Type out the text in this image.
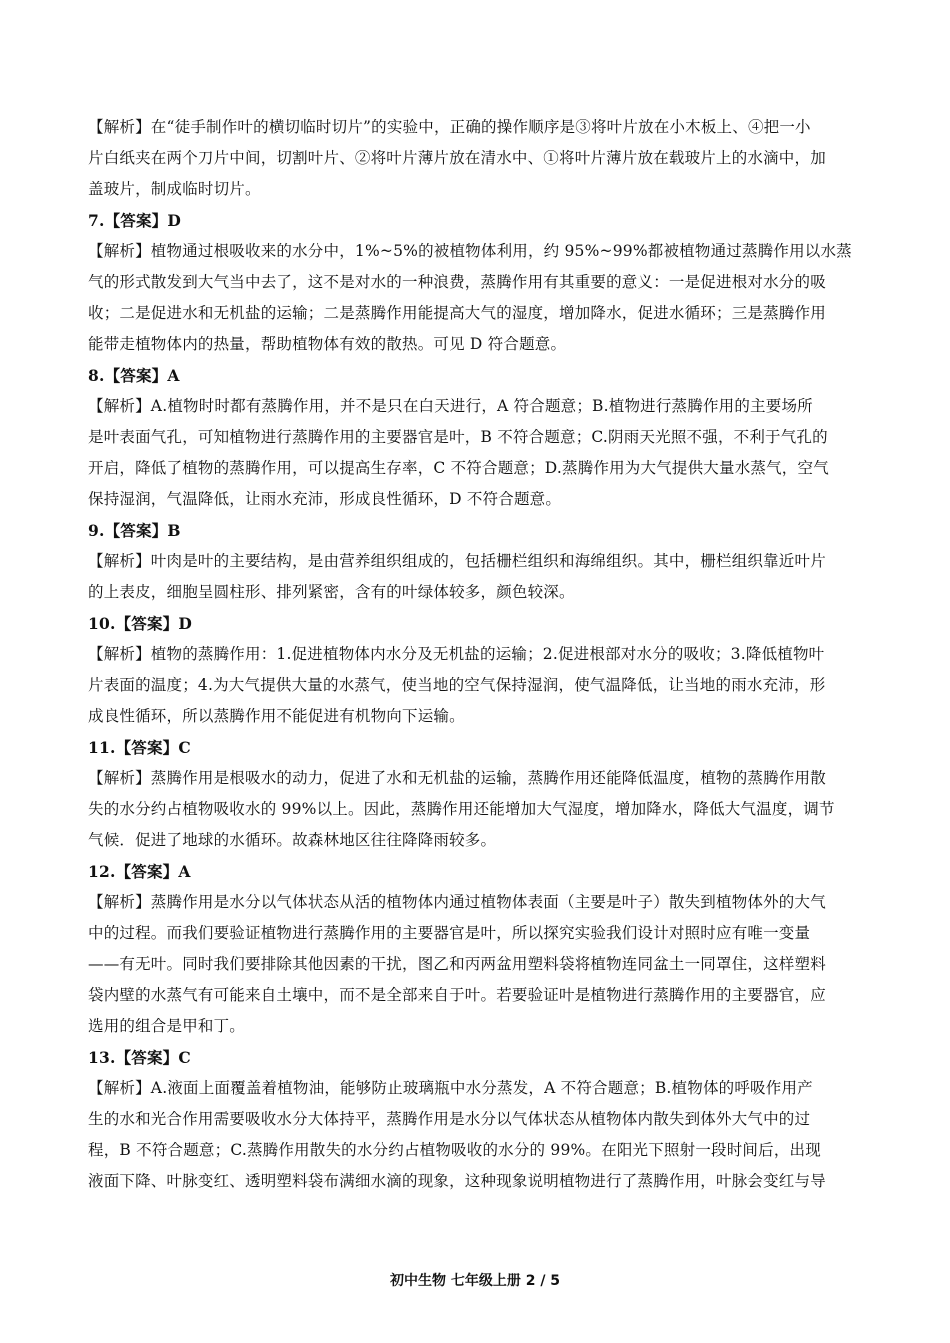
【解析】在“徒手制作叶的横切临时切片”的实验中，正确的操作顺序是③将叶片放在小木板上、④把一小
片白纸夹在两个刀片中间，切割叶片、②将叶片薄片放在清水中、①将叶片薄片放在载玻片上的水滴中，加
盖玻片，制成临时切片。
7.【答案】D
【解析】植物通过根吸收来的水分中，1%~5%的被植物体利用，约 95%~99%都被植物通过蒸腾作用以水蒸
气的形式散发到大气当中去了，这不是对水的一种浪费，蒸腾作用有其重要的意义：一是促进根对水分的吸
收；二是促进水和无机盐的运输；二是蒸腾作用能提高大气的湿度，增加降水，促进水循环；三是蒸腾作用
能带走植物体内的热量，帮助植物体有效的散热。可见 D 符合题意。
8.【答案】A
【解析】A.植物时时都有蒸腾作用，并不是只在白天进行，A 符合题意；B.植物进行蒸腾作用的主要场所
是叶表面气孔，可知植物进行蒸腾作用的主要器官是叶，B 不符合题意；C.阴雨天光照不强，不利于气孔的
开启，降低了植物的蒸腾作用，可以提高生存率，C 不符合题意；D.蒸腾作用为大气提供大量水蒸气，空气
保持湿润，气温降低，让雨水充沛，形成良性循环，D 不符合题意。
9.【答案】B
【解析】叶肉是叶的主要结构，是由营养组织组成的，包括栅栏组织和海绵组织。其中，栅栏组织靠近叶片
的上表皮，细胞呈圆柱形、排列紧密，含有的叶绿体较多，颜色较深。
10.【答案】D
【解析】植物的蒸腾作用：1.促进植物体内水分及无机盐的运输；2.促进根部对水分的吸收；3.降低植物叶
片表面的温度；4.为大气提供大量的水蒸气，使当地的空气保持湿润，使气温降低，让当地的雨水充沛，形
成良性循环，所以蒸腾作用不能促进有机物向下运输。
11.【答案】C
【解析】蒸腾作用是根吸水的动力，促进了水和无机盐的运输，蒸腾作用还能降低温度，植物的蒸腾作用散
失的水分约占植物吸收水的 99%以上。因此，蒸腾作用还能增加大气湿度，增加降水，降低大气温度，调节
气候．促进了地球的水循环。故森林地区往往降降雨较多。
12.【答案】A
【解析】蒸腾作用是水分以气体状态从活的植物体内通过植物体表面（主要是叶子）散失到植物体外的大气
中的过程。而我们要验证植物进行蒸腾作用的主要器官是叶，所以探究实验我们设计对照时应有唯一变量
——有无叶。同时我们要排除其他因素的干扰，图乙和丙两盆用塑料袋将植物连同盆土一同罩住，这样塑料
袋内壁的水蒸气有可能来自土壤中，而不是全部来自于叶。若要验证叶是植物进行蒸腾作用的主要器官，应
选用的组合是甲和丁。
13.【答案】C
【解析】A.液面上面覆盖着植物油，能够防止玻璃瓶中水分蒸发，A 不符合题意；B.植物体的呼吸作用产
生的水和光合作用需要吸收水分大体持平，蒸腾作用是水分以气体状态从植物体内散失到体外大气中的过
程，B 不符合题意；C.蒸腾作用散失的水分约占植物吸收的水分的 99%。在阳光下照射一段时间后，出现
液面下降、叶脉变红、透明塑料袋布满细水滴的现象，这种现象说明植物进行了蒸腾作用，叶脉会变红与导
初中生物 七年级上册 2 / 5
